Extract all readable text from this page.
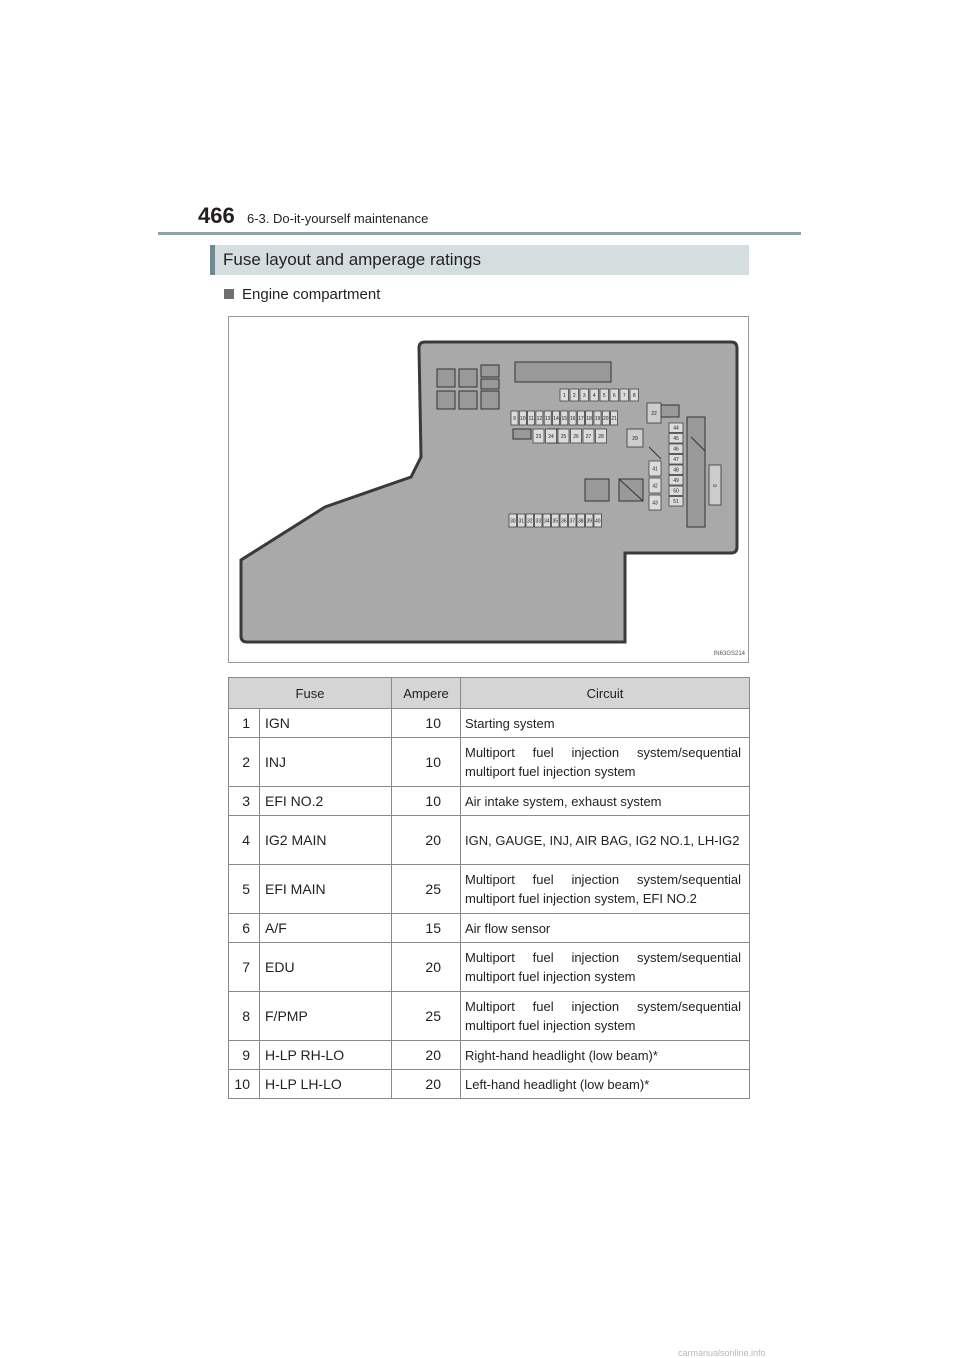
466 6-3. Do-it-yourself maintenance
Fuse layout and amperage ratings
Engine compartment
1 2 3 4 5 6 7 8
9 10 11 12 13 14 15 16 17 18 19 20 21
23 24 25 26 27 28
41
42
43
44
45
46
47
48
49
50
51
30 31 32 33 34 35 36 37 38 39 40
22
29
52
IN63GS214
Fuse		Ampere	Circuit
1	IGN	10	Starting system
2	INJ	10	Multiport fuel injection system/sequential multiport fuel injection system
3	EFI NO.2	10	Air intake system, exhaust system
4	IG2 MAIN	20	IGN, GAUGE, INJ, AIR BAG, IG2 NO.1, LH-IG2
5	EFI MAIN	25	Multiport fuel injection system/sequential multiport fuel injection system, EFI NO.2
6	A/F	15	Air flow sensor
7	EDU	20	Multiport fuel injection system/sequential multiport fuel injection system
8	F/PMP	25	Multiport fuel injection system/sequential multiport fuel injection system
9	H-LP RH-LO	20	Right-hand headlight (low beam)*
10	H-LP LH-LO	20	Left-hand headlight (low beam)*
carmanualsonline.info
